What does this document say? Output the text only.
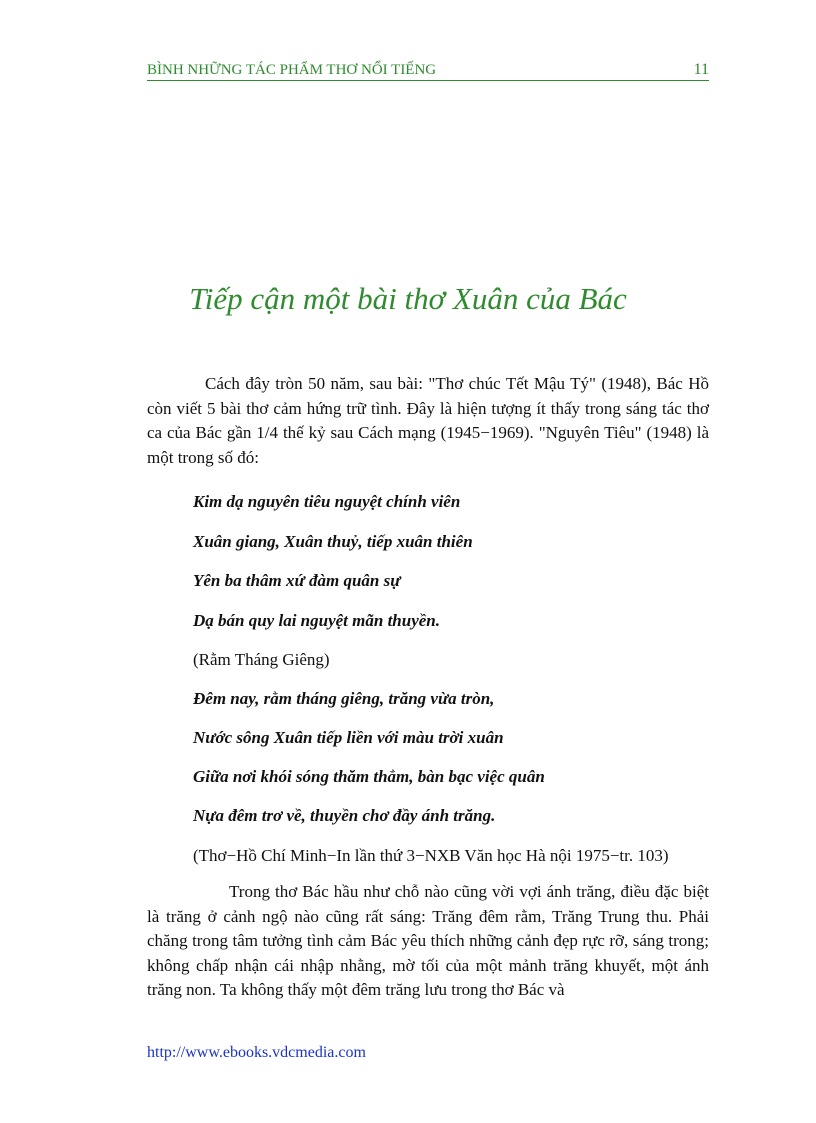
BÌNH NHỮNG TÁC PHẨM THƠ NỔI TIẾNG	11
Tiếp cận một bài thơ Xuân của Bác
Cách đây tròn 50 năm, sau bài: "Thơ chúc Tết Mậu Tý" (1948), Bác Hồ còn viết 5 bài thơ cảm hứng trữ tình. Đây là hiện tượng ít thấy trong sáng tác thơ ca của Bác gần 1/4 thế kỷ sau Cách mạng (1945−1969). "Nguyên Tiêu" (1948) là một trong số đó:
Kim dạ nguyên tiêu nguyệt chính viên
Xuân giang, Xuân thuỷ, tiếp xuân thiên
Yên ba thâm xứ đàm quân sự
Dạ bán quy lai nguyệt mãn thuyền.
(Rằm Tháng Giêng)
Đêm nay, rằm tháng giêng, trăng vừa tròn,
Nước sông Xuân tiếp liền với màu trời xuân
Giữa nơi khói sóng thăm thẳm, bàn bạc việc quân
Nựa đêm trơ về, thuyền chơ đầy ánh trăng.
(Thơ−Hồ Chí Minh−In lần thứ 3−NXB Văn học Hà nội 1975−tr. 103)
Trong thơ Bác hầu như chỗ nào cũng vời vợi ánh trăng, điều đặc biệt là trăng ở cảnh ngộ nào cũng rất sáng: Trăng đêm rằm, Trăng Trung thu. Phải chăng trong tâm tưởng tình cảm Bác yêu thích những cảnh đẹp rực rỡ, sáng trong; không chấp nhận cái nhập nhằng, mờ tối của một mảnh trăng khuyết, một ánh trăng non. Ta không thấy một đêm trăng lưu trong thơ Bác và
http://www.ebooks.vdcmedia.com
